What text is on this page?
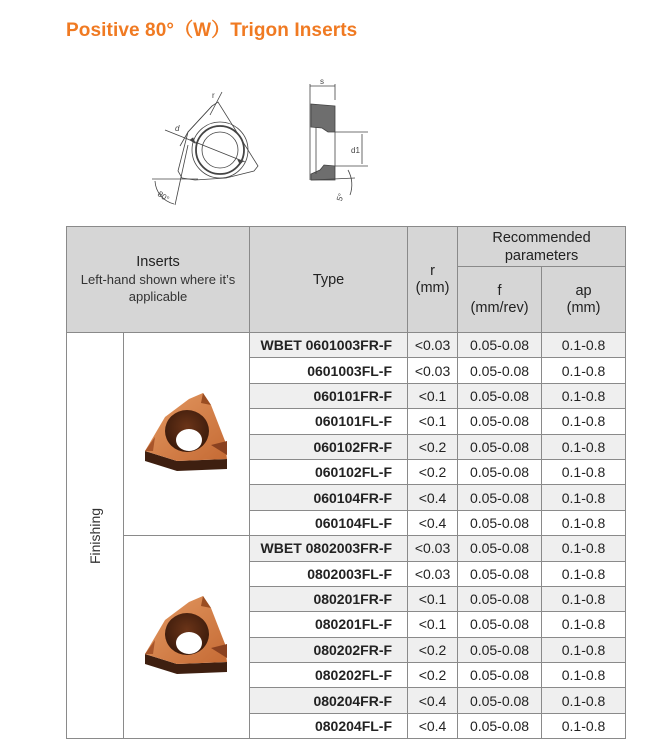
Positive 80°（W）Trigon Inserts
d
r
80°
s
d1
5°
Inserts
Left-hand shown where it’s applicable
	Type	
r
(mm)
	Recommended parameters

f
(mm/rev)

ap
(mm)

Finishing		WBET 0601003FR-F	<0.03	0.05-0.08	0.1-0.8
		0601003FL-F	<0.03	0.05-0.08	0.1-0.8
		060101FR-F	<0.1	0.05-0.08	0.1-0.8
		060101FL-F	<0.1	0.05-0.08	0.1-0.8
		060102FR-F	<0.2	0.05-0.08	0.1-0.8
		060102FL-F	<0.2	0.05-0.08	0.1-0.8
		060104FR-F	<0.4	0.05-0.08	0.1-0.8
		060104FL-F	<0.4	0.05-0.08	0.1-0.8

	WBET 0802003FR-F	<0.03	0.05-0.08	0.1-0.8
		0802003FL-F	<0.03	0.05-0.08	0.1-0.8
		080201FR-F	<0.1	0.05-0.08	0.1-0.8
		080201FL-F	<0.1	0.05-0.08	0.1-0.8
		080202FR-F	<0.2	0.05-0.08	0.1-0.8
		080202FL-F	<0.2	0.05-0.08	0.1-0.8
		080204FR-F	<0.4	0.05-0.08	0.1-0.8
		080204FL-F	<0.4	0.05-0.08	0.1-0.8
